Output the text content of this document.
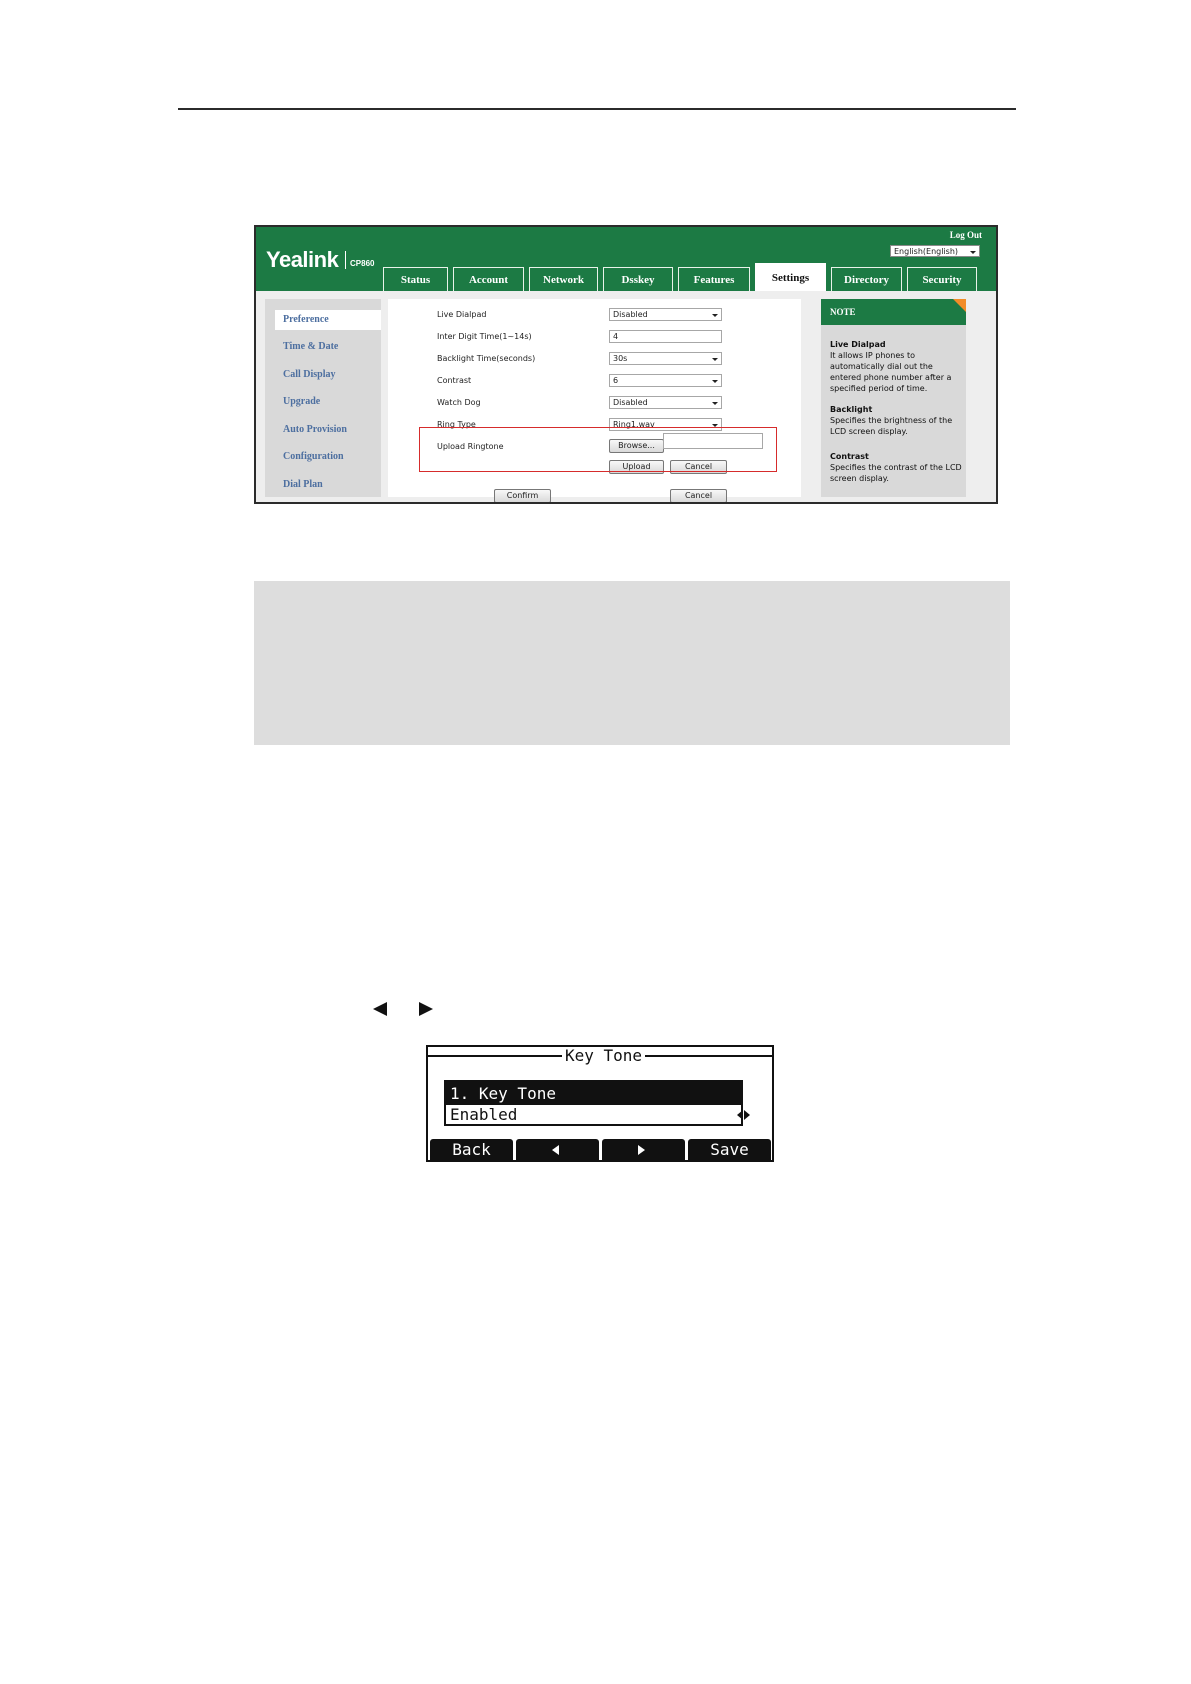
Yealink CP860
Log Out
English(English)
Status	Account	Network	Dsskey	Features	Settings	Directory	Security
Preference
Time & Date
Call Display
Upgrade
Auto Provision
Configuration
Dial Plan
Live Dialpad	Disabled
Inter Digit Time(1~14s)	4
Backlight Time(seconds)	30s
Contrast	6
Watch Dog	Disabled
Ring Type	Ring1.wav
Upload Ringtone	Browse...
Upload	Cancel
Confirm	Cancel
NOTE
Live Dialpad
It allows IP phones to automatically dial out the entered phone number after a specified period of time.
Backlight
Specifies the brightness of the LCD screen display.
Contrast
Specifies the contrast of the LCD screen display.
Key Tone
1. Key Tone
Enabled
Back	Save
